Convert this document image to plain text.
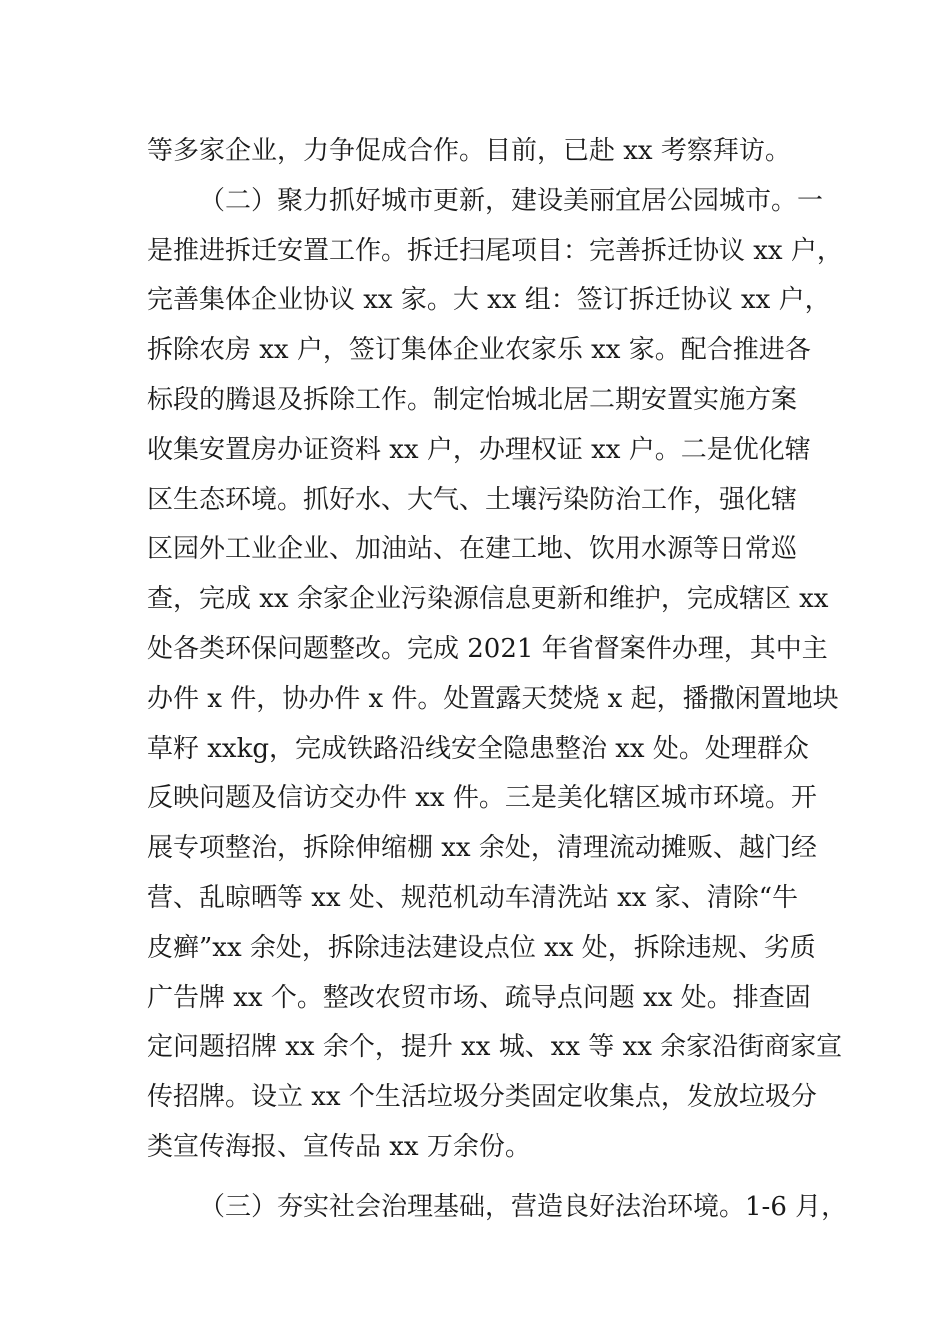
等多家企业，力争促成合作。目前，已赴 xx 考察拜访。
（二）聚力抓好城市更新，建设美丽宜居公园城市。一
是推进拆迁安置工作。拆迁扫尾项目：完善拆迁协议 xx 户，
完善集体企业协议 xx 家。大 xx 组：签订拆迁协议 xx 户，
拆除农房 xx 户，签订集体企业农家乐 xx 家。配合推进各
标段的腾退及拆除工作。制定怡城北居二期安置实施方案
收集安置房办证资料 xx 户，办理权证 xx 户。二是优化辖
区生态环境。抓好水、大气、土壤污染防治工作，强化辖
区园外工业企业、加油站、在建工地、饮用水源等日常巡
查，完成 xx 余家企业污染源信息更新和维护，完成辖区 xx
处各类环保问题整改。完成 2021 年省督案件办理，其中主
办件 x 件，协办件 x 件。处置露天焚烧 x 起，播撒闲置地块
草籽 xxkg，完成铁路沿线安全隐患整治 xx 处。处理群众
反映问题及信访交办件 xx 件。三是美化辖区城市环境。开
展专项整治，拆除伸缩棚 xx 余处，清理流动摊贩、越门经
营、乱晾晒等 xx 处、规范机动车清洗站 xx 家、清除“牛
皮癣”xx 余处，拆除违法建设点位 xx 处，拆除违规、劣质
广告牌 xx 个。整改农贸市场、疏导点问题 xx 处。排查固
定问题招牌 xx 余个，提升 xx 城、xx 等 xx 余家沿街商家宣
传招牌。设立 xx 个生活垃圾分类固定收集点，发放垃圾分
类宣传海报、宣传品 xx 万余份。
（三）夯实社会治理基础，营造良好法治环境。1-6 月，
